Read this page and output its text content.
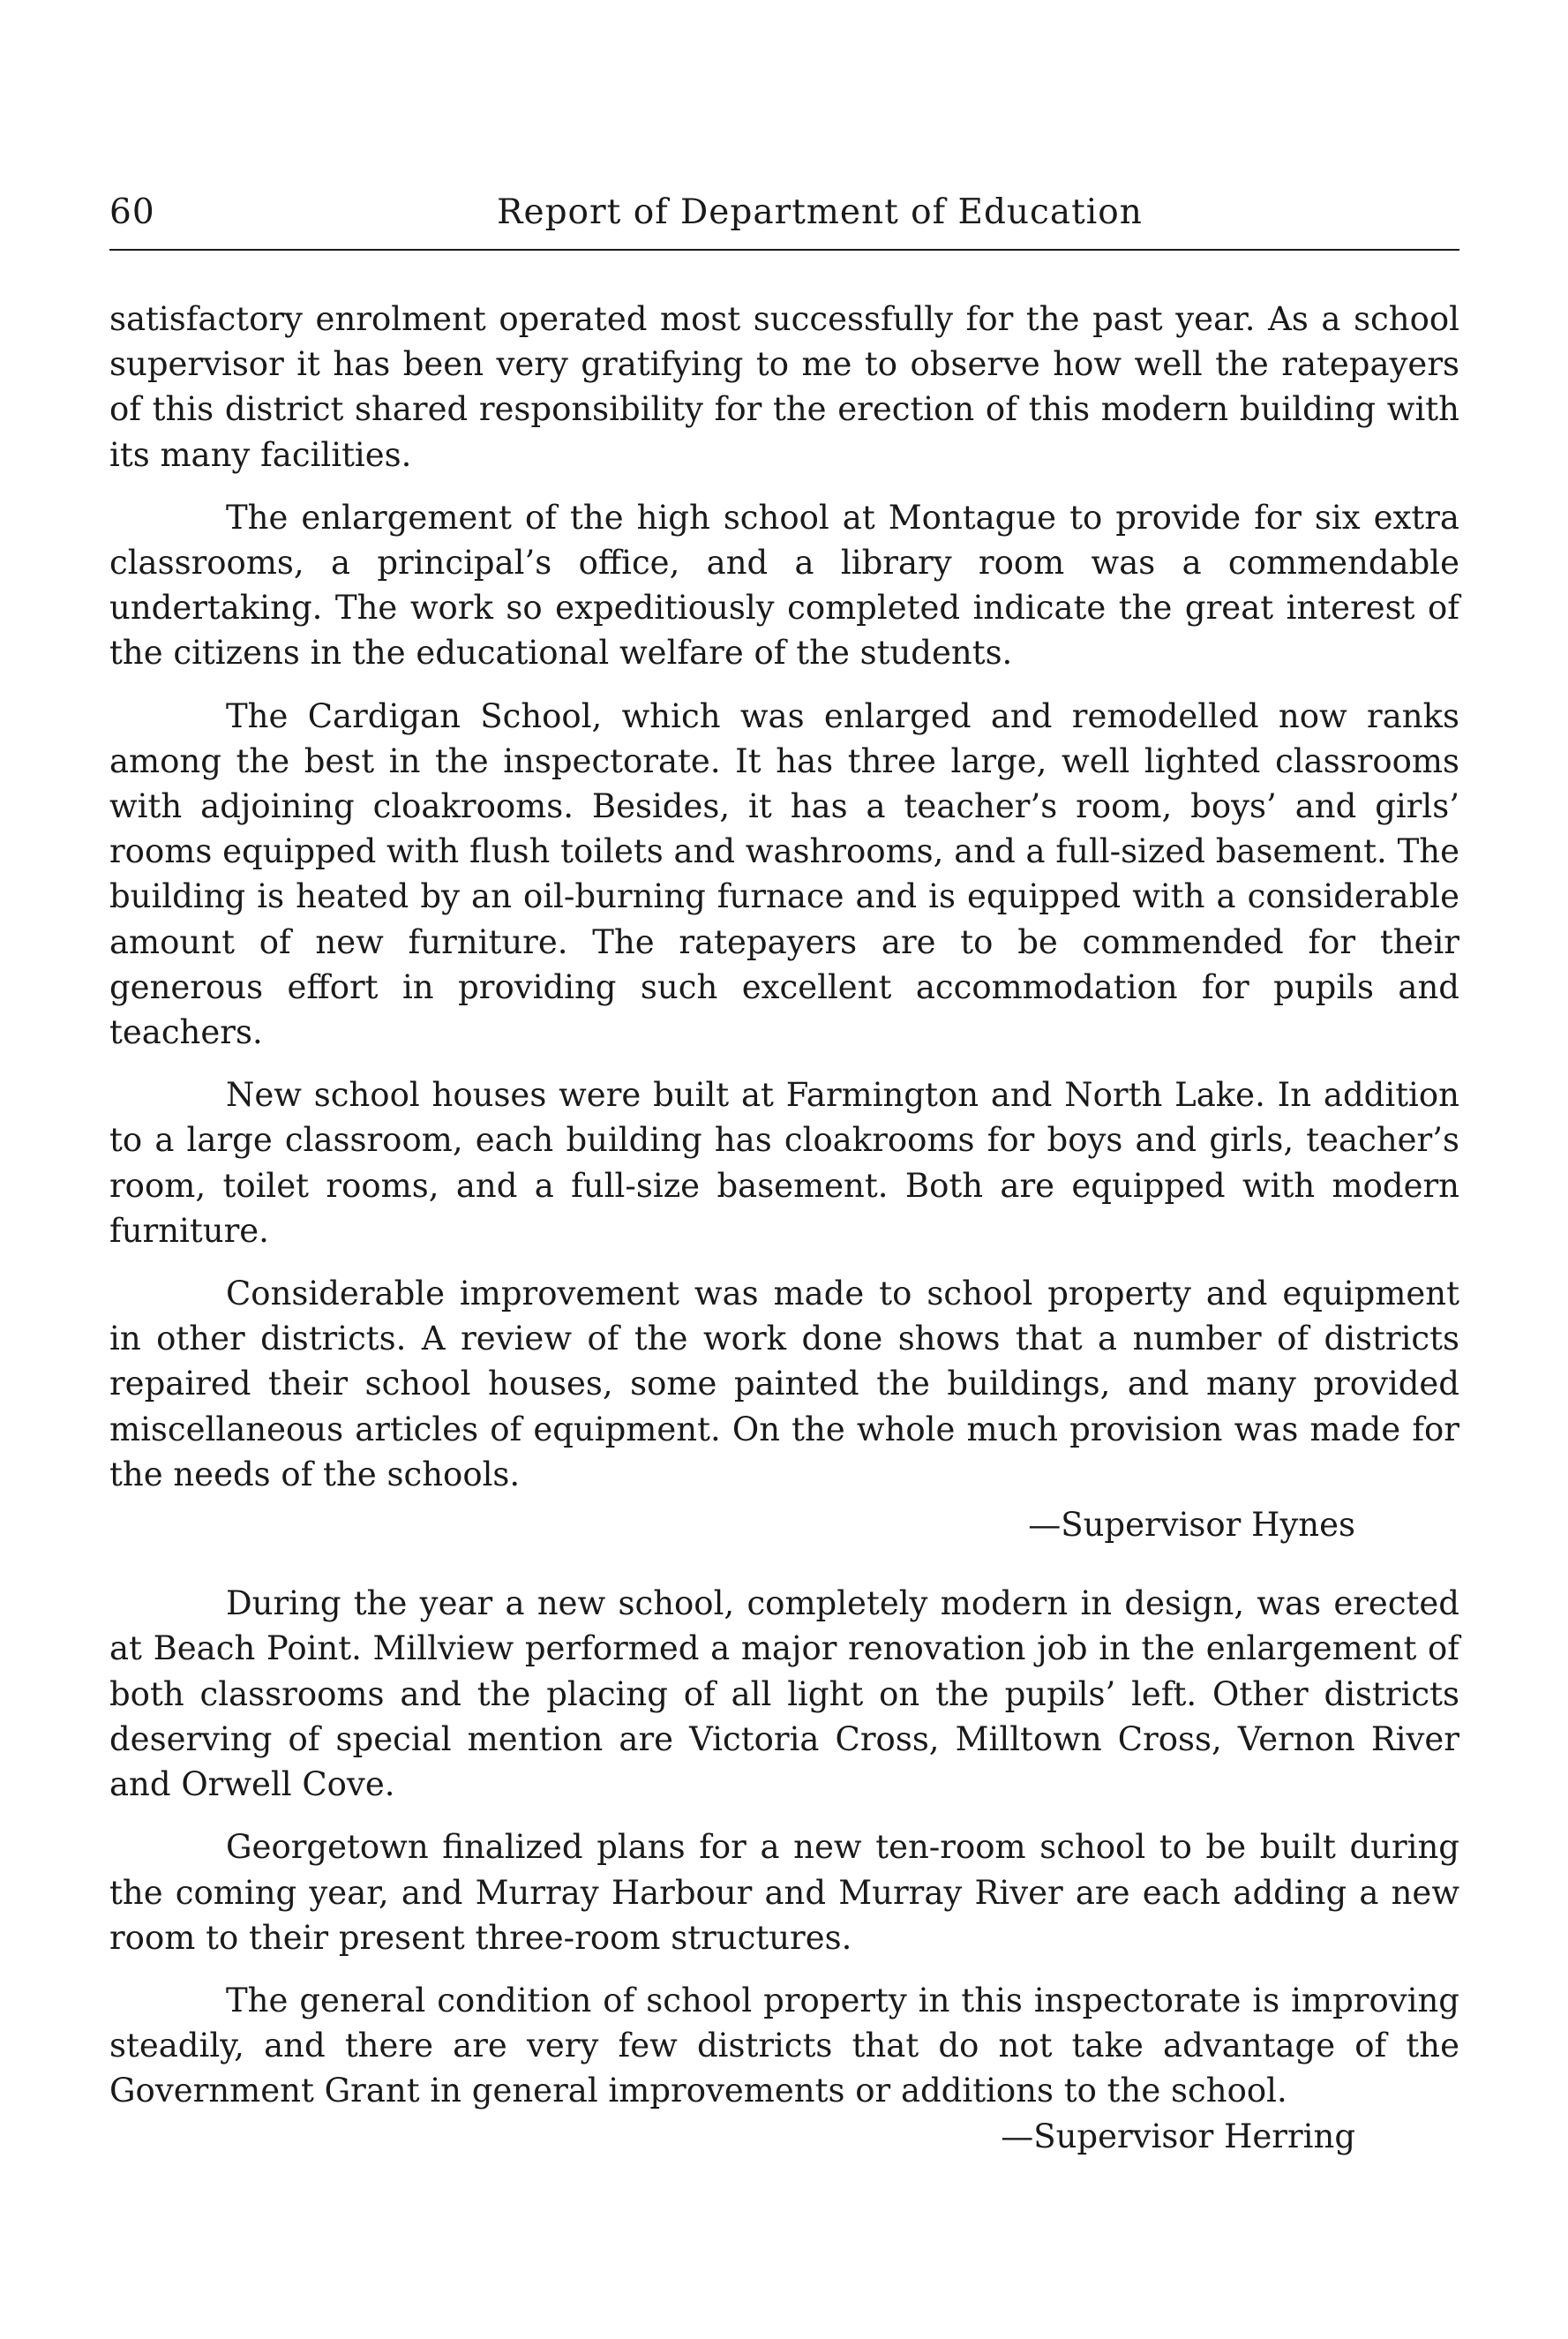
60	Report of Department of Education

satisfactory enrolment operated most successfully for the past year. As a school supervisor it has been very gratifying to me to observe how well the ratepayers of this district shared responsibility for the erection of this modern building with its many facilities.

The enlargement of the high school at Montague to provide for six extra classrooms, a principal’s office, and a library room was a commendable undertaking. The work so expeditiously completed indicate the great interest of the citizens in the educational welfare of the students.

The Cardigan School, which was enlarged and remodelled now ranks among the best in the inspectorate. It has three large, well lighted classrooms with adjoining cloakrooms. Besides, it has a teacher’s room, boys’ and girls’ rooms equipped with flush toilets and washrooms, and a full-sized basement. The building is heated by an oil-burning furnace and is equipped with a considerable amount of new furniture. The ratepayers are to be commended for their generous effort in providing such excellent accommodation for pupils and teachers.

New school houses were built at Farmington and North Lake. In addition to a large classroom, each building has cloakrooms for boys and girls, teacher’s room, toilet rooms, and a full-size basement. Both are equipped with modern furniture.

Considerable improvement was made to school property and equipment in other districts. A review of the work done shows that a number of districts repaired their school houses, some painted the buildings, and many provided miscellaneous articles of equipment. On the whole much provision was made for the needs of the schools.

—Supervisor Hynes

During the year a new school, completely modern in design, was erected at Beach Point. Millview performed a major renovation job in the enlargement of both classrooms and the placing of all light on the pupils’ left. Other districts deserving of special mention are Victoria Cross, Milltown Cross, Vernon River and Orwell Cove.

Georgetown finalized plans for a new ten-room school to be built during the coming year, and Murray Harbour and Murray River are each adding a new room to their present three-room structures.

The general condition of school property in this inspectorate is improving steadily, and there are very few districts that do not take advantage of the Government Grant in general improvements or additions to the school.

—Supervisor Herring
